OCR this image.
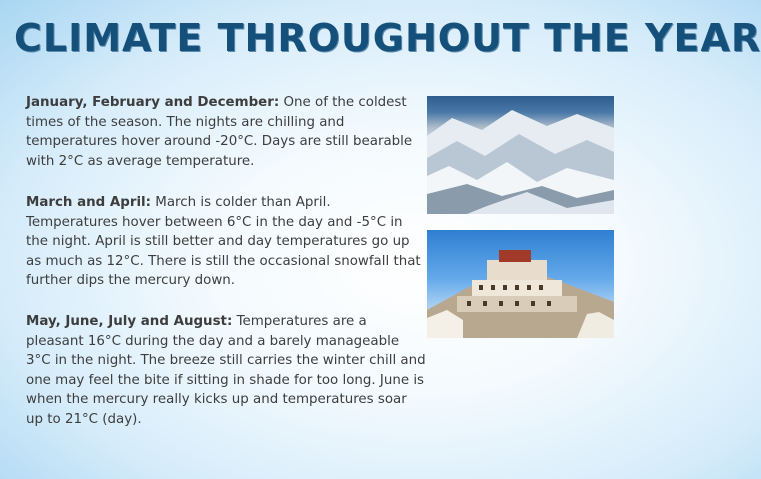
CLIMATE THROUGHOUT THE YEAR
January, February and December: One of the coldest times of the season. The nights are chilling and temperatures hover around -20°C. Days are still bearable with 2°C as average temperature.
March and April: March is colder than April. Temperatures hover between 6°C in the day and -5°C in the night. April is still better and day temperatures go up as much as 12°C. There is still the occasional snowfall that further dips the mercury down.
May, June, July and August: Temperatures are a pleasant 16°C during the day and a barely manageable 3°C in the night. The breeze still carries the winter chill and one may feel the bite if sitting in shade for too long. June is when the mercury really kicks up and temperatures soar up to 21°C (day).
